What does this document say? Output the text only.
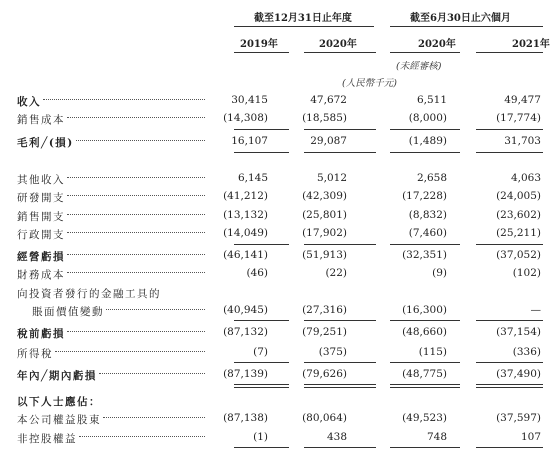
截至12月31日止年度	截至6月30日止六個月
2019年	2020年	2020年	2021年
(未經審核)
(人民幣千元)
收入	30,415	47,672	6,511	49,477
銷售成本	(14,308)	(18,585)	(8,000)	(17,774)
毛利╱(損)	16,107	29,087	(1,489)	31,703
其他收入	6,145	5,012	2,658	4,063
研發開支	(41,212)	(42,309)	(17,228)	(24,005)
銷售開支	(13,132)	(25,801)	(8,832)	(23,602)
行政開支	(14,049)	(17,902)	(7,460)	(25,211)
經營虧損	(46,141)	(51,913)	(32,351)	(37,052)
財務成本	(46)	(22)	(9)	(102)
向投資者發行的金融工具的
賬面價值變動	(40,945)	(27,316)	(16,300)	—
稅前虧損	(87,132)	(79,251)	(48,660)	(37,154)
所得稅	(7)	(375)	(115)	(336)
年內╱期內虧損	(87,139)	(79,626)	(48,775)	(37,490)
以下人士應佔：
本公司權益股東	(87,138)	(80,064)	(49,523)	(37,597)
非控股權益	(1)	438	748	107
